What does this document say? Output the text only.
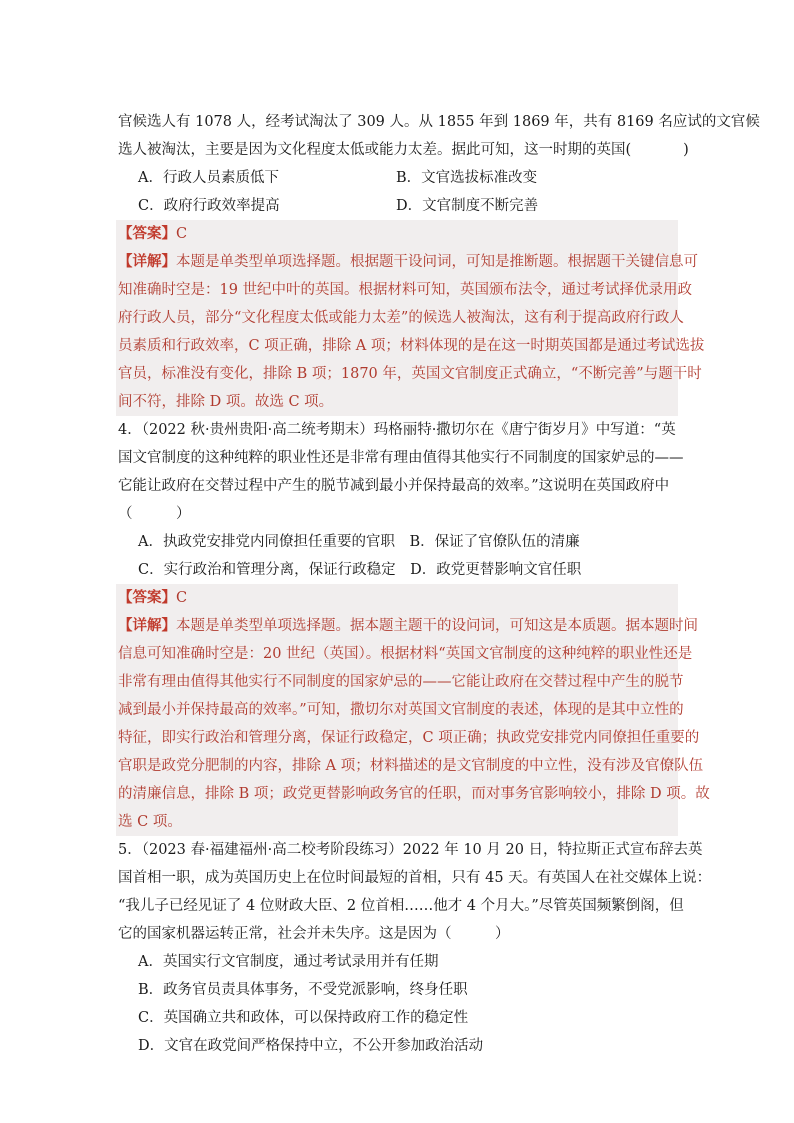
官候选人有 1078 人，经考试淘汰了 309 人。从 1855 年到 1869 年，共有 8169 名应试的文官候
选人被淘汰，主要是因为文化程度太低或能力太差。据此可知，这一时期的英国(	)
A．行政人员素质低下	B．文官选拔标准改变
C．政府行政效率提高	D．文官制度不断完善
【答案】C
【详解】本题是单类型单项选择题。根据题干设问词，可知是推断题。根据题干关键信息可
知准确时空是：19 世纪中叶的英国。根据材料可知，英国颁布法令，通过考试择优录用政
府行政人员，部分“文化程度太低或能力太差”的候选人被淘汰，这有利于提高政府行政人
员素质和行政效率，C 项正确，排除 A 项；材料体现的是在这一时期英国都是通过考试选拔
官员，标准没有变化，排除 B 项；1870 年，英国文官制度正式确立，“不断完善”与题干时
间不符，排除 D 项。故选 C 项。
4．（2022 秋·贵州贵阳·高二统考期末）玛格丽特·撒切尔在《唐宁街岁月》中写道：“英
国文官制度的这种纯粹的职业性还是非常有理由值得其他实行不同制度的国家妒忌的——
它能让政府在交替过程中产生的脱节减到最小并保持最高的效率。”这说明在英国政府中
（　　　）
A．执政党安排党内同僚担任重要的官职　B．保证了官僚队伍的清廉
C．实行政治和管理分离，保证行政稳定　D．政党更替影响文官任职
【答案】C
【详解】本题是单类型单项选择题。据本题主题干的设问词，可知这是本质题。据本题时间
信息可知准确时空是：20 世纪（英国）。根据材料“英国文官制度的这种纯粹的职业性还是
非常有理由值得其他实行不同制度的国家妒忌的——它能让政府在交替过程中产生的脱节
减到最小并保持最高的效率。”可知，撒切尔对英国文官制度的表述，体现的是其中立性的
特征，即实行政治和管理分离，保证行政稳定，C 项正确；执政党安排党内同僚担任重要的
官职是政党分肥制的内容，排除 A 项；材料描述的是文官制度的中立性，没有涉及官僚队伍
的清廉信息，排除 B 项；政党更替影响政务官的任职，而对事务官影响较小，排除 D 项。故
选 C 项。
5．（2023 春·福建福州·高二校考阶段练习）2022 年 10 月 20 日，特拉斯正式宣布辞去英
国首相一职，成为英国历史上在位时间最短的首相，只有 45 天。有英国人在社交媒体上说：
“我儿子已经见证了 4 位财政大臣、2 位首相……他才 4 个月大。”尽管英国频繁倒阁，但
它的国家机器运转正常，社会并未失序。这是因为（　　　）
A．英国实行文官制度，通过考试录用并有任期
B．政务官员责具体事务，不受党派影响，终身任职
C．英国确立共和政体，可以保持政府工作的稳定性
D．文官在政党间严格保持中立，不公开参加政治活动
